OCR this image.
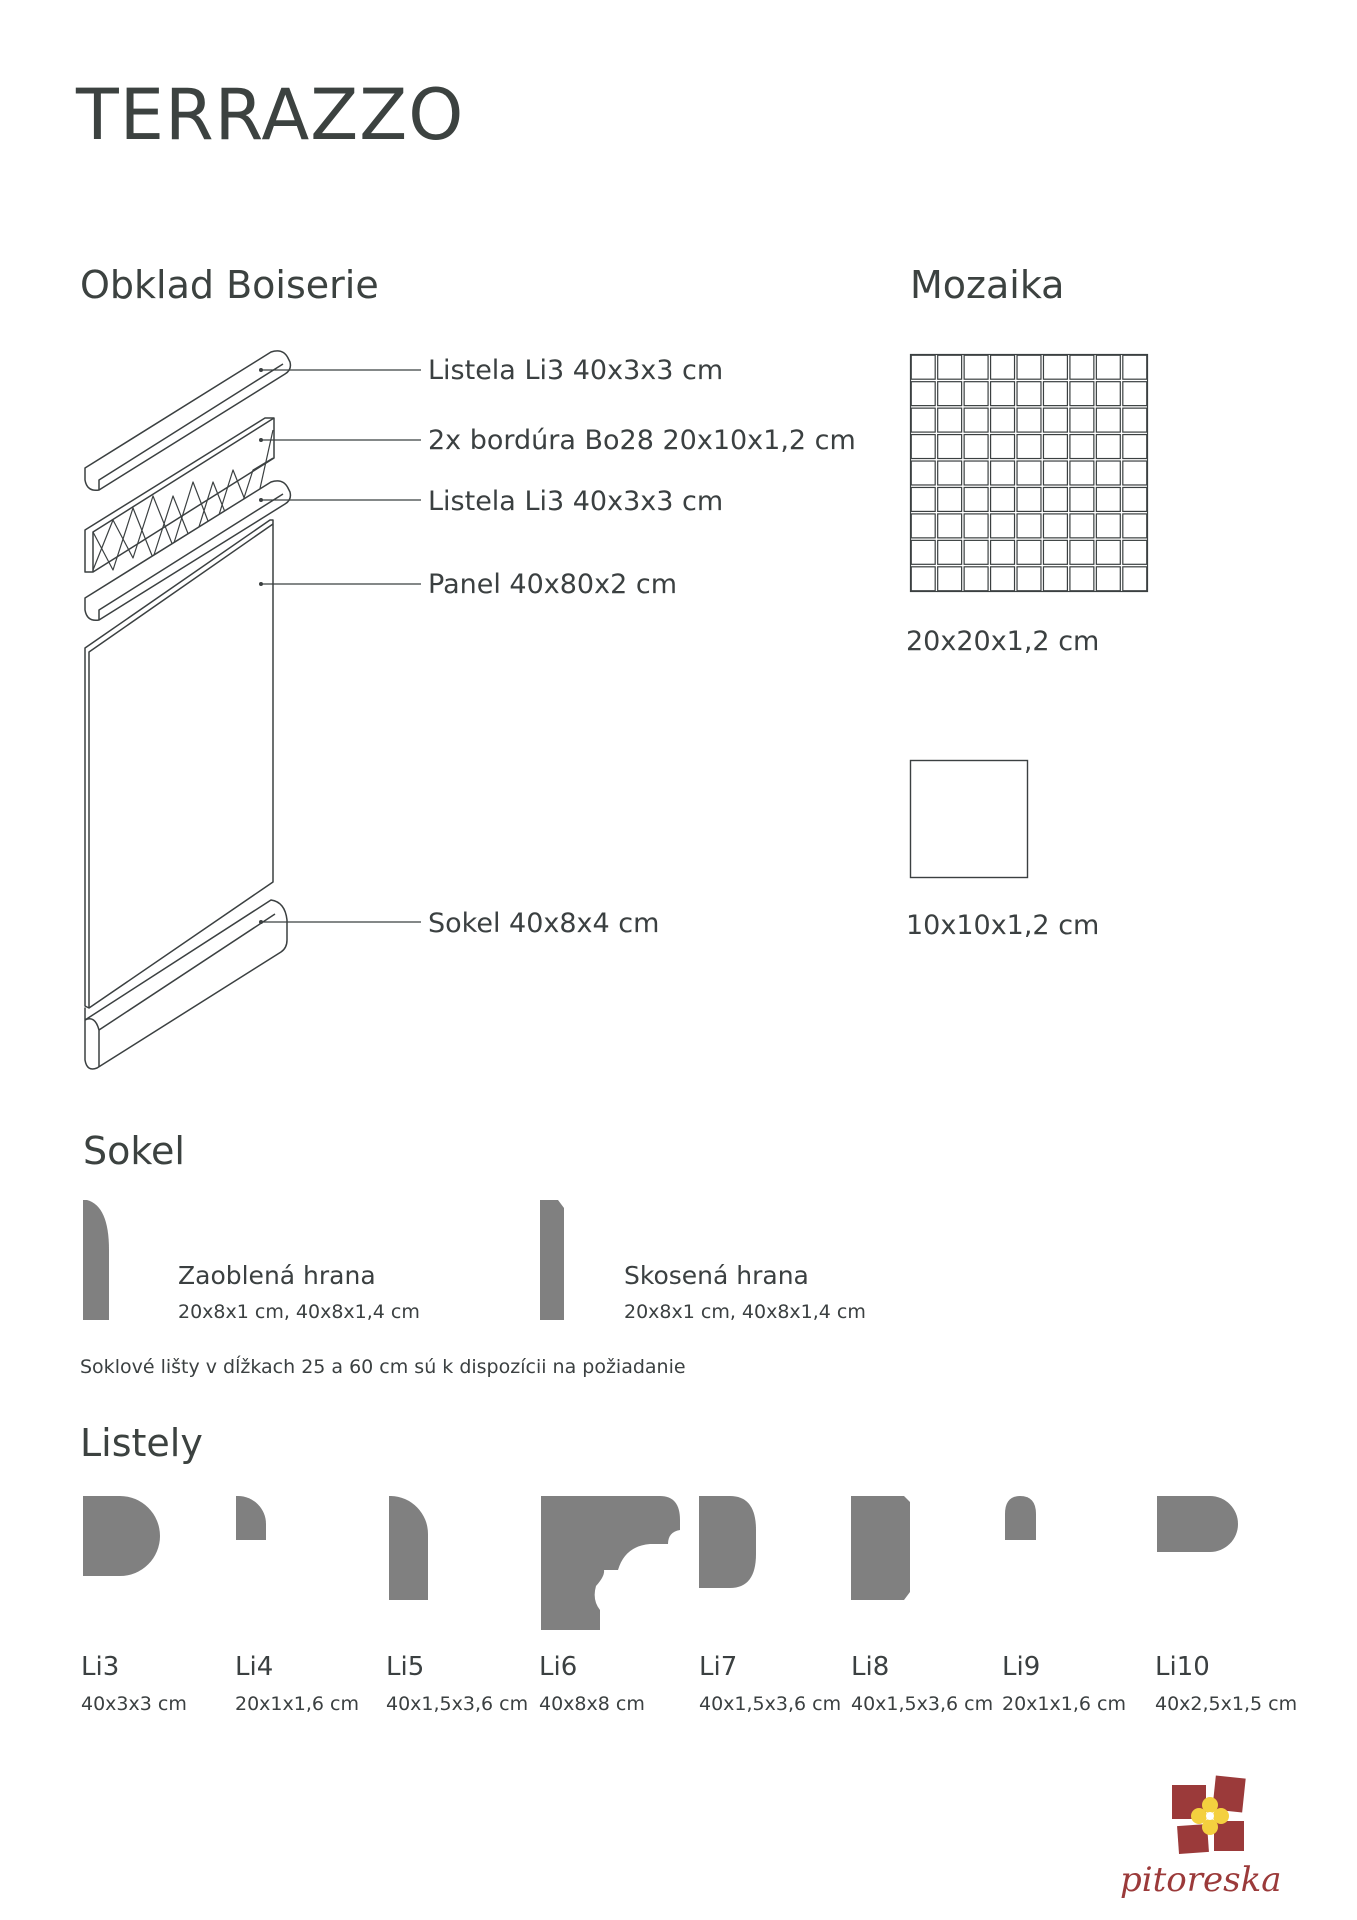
TERRAZZO
Obklad Boiserie
Listela Li3 40x3x3 cm
2x bordúra Bo28 20x10x1,2 cm
Listela Li3 40x3x3 cm
Panel 40x80x2 cm
Sokel 40x8x4 cm
Mozaika
20x20x1,2 cm
10x10x1,2 cm
Sokel
Zaoblená hrana
20x8x1 cm, 40x8x1,4 cm
Skosená hrana
20x8x1 cm, 40x8x1,4 cm
Soklové lišty v dĺžkach 25 a 60 cm sú k dispozícii na požiadanie
Listely
Li3
40x3x3 cm
Li4
20x1x1,6 cm
Li5
40x1,5x3,6 cm
Li6
40x8x8 cm
Li7
40x1,5x3,6 cm
Li8
40x1,5x3,6 cm
Li9
20x1x1,6 cm
Li10
40x2,5x1,5 cm
pitoreska
